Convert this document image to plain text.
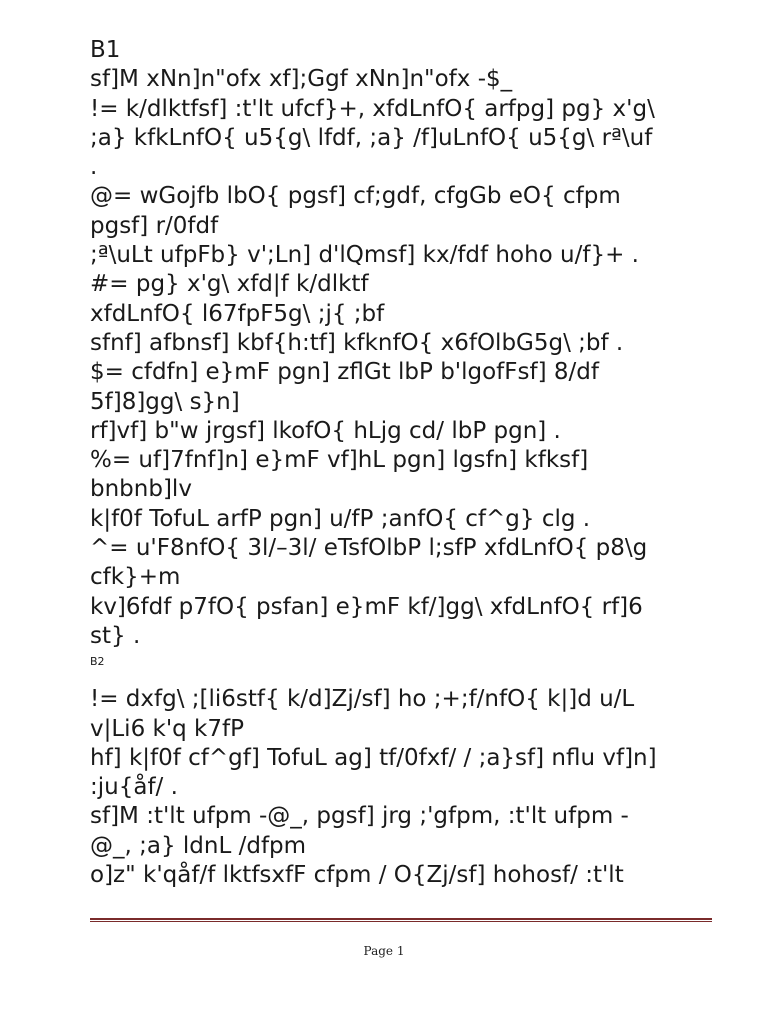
B1

sf]M xNn]n"ofx xf];Ggf xNn]n"ofx -$_

!= k/dlktfsf] :t'lt ufcf}+, xfdLnfO{ arfpg] pg} x'g\

;a} kfkLnfO{ u5{g\ lfdf, ;a} /f]uLnfO{ u5{g\ rª\uf

.

@= wGojfb lbO{ pgsf] cf;gdf, cfgGb eO{ cfpm

pgsf] r/0fdf

;ª\uLt ufpFb} v';Ln] d'lQmsf] kx/fdf hoho u/f}+ .

#= pg} x'g\ xfd|f k/dlktf

xfdLnfO{ l67fpF5g\ ;j{ ;bf

sfnf] afbnsf] kbf{h:tf] kfknfO{ x6fOlbG5g\ ;bf .

$= cfdfn] e}mF pgn] zflGt lbP b'lgofFsf] 8/df

5f]8]gg\ s}n]

rf]vf] b"w jrgsf] lkofO{ hLjg cd/ lbP pgn] .

%= uf]7fnf]n] e}mF vf]hL pgn] lgsfn] kfksf]

bnbnb]lv

k|f0f TofuL arfP pgn] u/fP ;anfO{ cf^g} clg .

^= u'F8nfO{ 3l/–3l/ eTsfOlbP l;sfP xfdLnfO{ p8\g

cfk}+m

kv]6fdf p7fO{ psfan] e}mF kf/]gg\ xfdLnfO{ rf]6

st} .

B2

!= dxfg\ ;[li6stf{ k/d]Zj/sf] ho ;+;f/nfO{ k|]d u/L

v|Li6 k'q k7fP

hf] k|f0f cf^gf] TofuL ag] tf/0fxf/ / ;a}sf] nflu vf]n]

:ju{åf/ .

sf]M :t'lt ufpm -@_, pgsf] jrg ;'gfpm, :t'lt ufpm -

@_, ;a} ldnL /dfpm

o]z" k'qåf/f lktfsxfF cfpm / O{Zj/sf] hohosf/ :t'lt

Page 1
